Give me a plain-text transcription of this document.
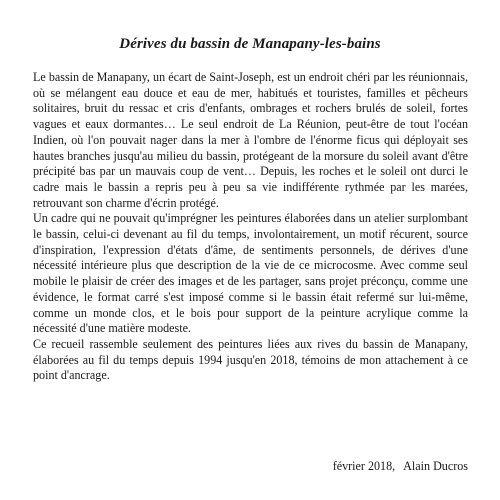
Dérives du bassin de Manapany-les-bains

Le bassin de Manapany, un écart de Saint-Joseph, est un endroit chéri par les réunionnais, où se mélangent eau douce et eau de mer, habitués et touristes, familles et pêcheurs solitaires, bruit du ressac et cris d'enfants, ombrages et rochers brulés de soleil, fortes vagues et eaux dormantes… Le seul endroit de La Réunion, peut-être de tout l'océan Indien, où l'on pouvait nager dans la mer à l'ombre de l'énorme ficus qui déployait ses hautes branches jusqu'au milieu du bassin, protégeant de la morsure du soleil avant d'être précipité bas par un mauvais coup de vent… Depuis, les roches et le soleil ont durci le cadre mais le bassin a repris peu à peu sa vie indifférente rythmée par les marées, retrouvant son charme d'écrin protégé.

Un cadre qui ne pouvait qu'imprégner les peintures élaborées dans un atelier surplombant le bassin, celui-ci devenant au fil du temps, involontairement, un motif récurent, source d'inspiration, l'expression d'états d'âme, de sentiments personnels, de dérives d'une nécessité intérieure plus que description de la vie de ce microcosme. Avec comme seul mobile le plaisir de créer des images et de les partager, sans projet préconçu, comme une évidence, le format carré s'est imposé comme si le bassin était refermé sur lui-même, comme un monde clos, et le bois pour support de la peinture acrylique comme la nécessité d'une matière modeste.

Ce recueil rassemble seulement des peintures liées aux rives du bassin de Manapany, élaborées au fil du temps depuis 1994 jusqu'en 2018, témoins de mon attachement à ce point d'ancrage.

février 2018, Alain Ducros
